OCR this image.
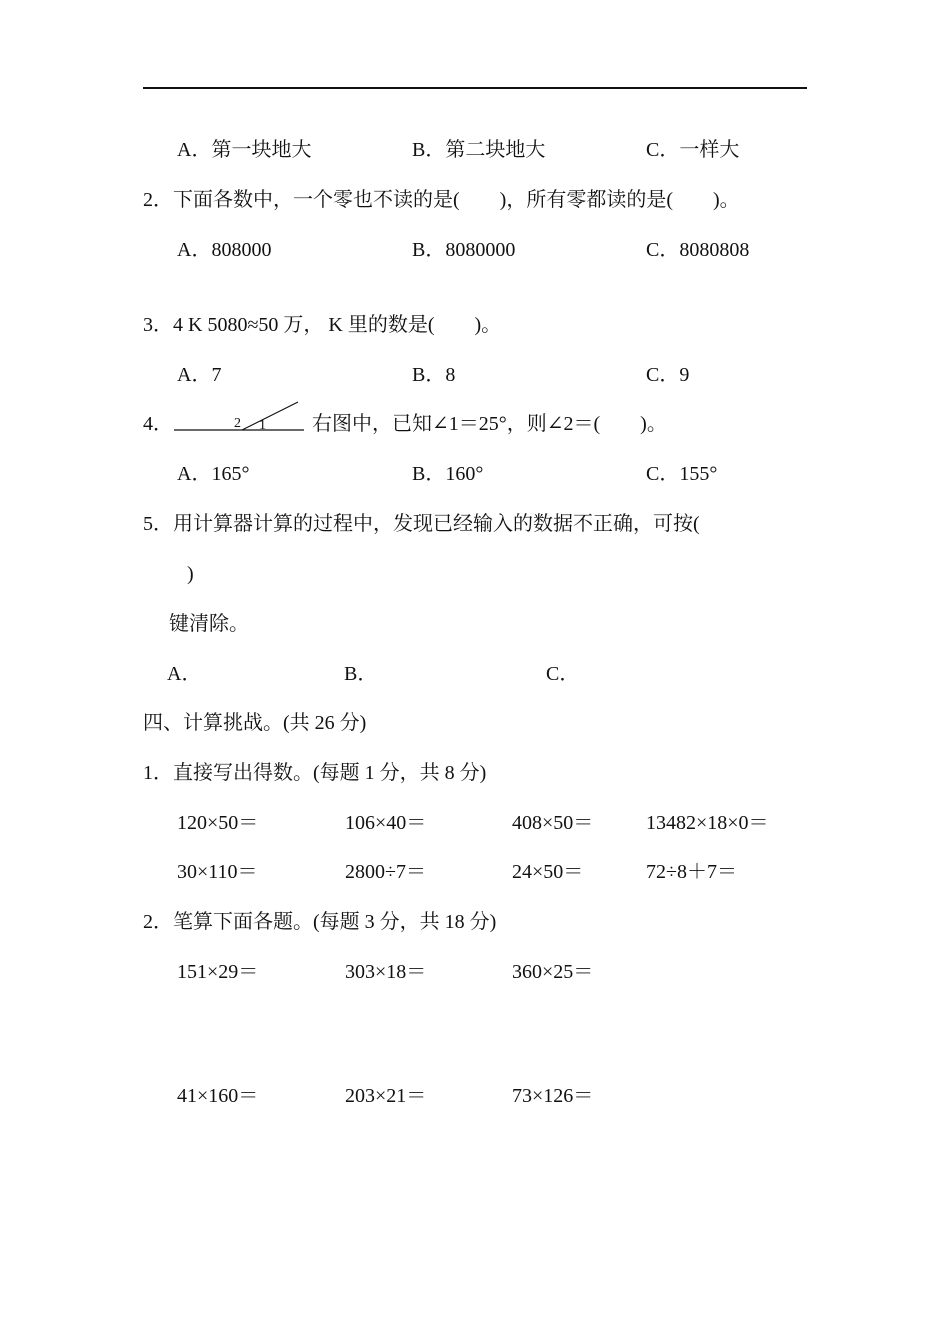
A．第一块地大	B．第二块地大	C．一样大
2．下面各数中，一个零也不读的是(　　)，所有零都读的是(　　)。
A．808000	B．8080000	C．8080808
3．4 K 5080≈50 万， K 里的数是(　　)。
A．7	B．8	C．9
4．	2 1 右图中，已知∠1＝25°，则∠2＝(　　)。
A．165°	B．160°	C．155°
5．用计算器计算的过程中，发现已经输入的数据不正确，可按(
)
键清除。
A．	B．	C．
四、计算挑战。(共 26 分)
1．直接写出得数。(每题 1 分，共 8 分)
120×50＝	106×40＝	408×50＝	13482×18×0＝
30×110＝	2800÷7＝	24×50＝	72÷8＋7＝
2．笔算下面各题。(每题 3 分，共 18 分)
151×29＝	303×18＝	360×25＝
41×160＝	203×21＝	73×126＝
